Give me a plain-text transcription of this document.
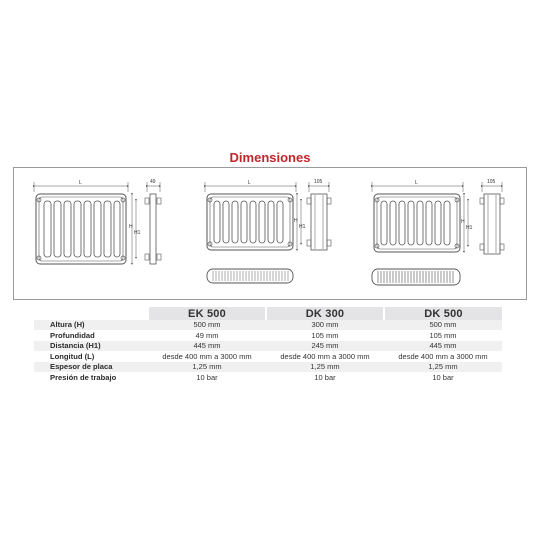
Dimensiones
L
H
H1
49	L
H
H1
105	L
H
H1
105
	EK 500	DK 300	DK 500
Altura (H)	500 mm	300 mm	500 mm
Profundidad	49 mm	105 mm	105 mm
Distancia (H1)	445 mm	245 mm	445 mm
Longitud (L)	desde 400 mm a 3000 mm	desde 400 mm a 3000 mm	desde 400 mm a 3000 mm
Espesor de placa	1,25 mm	1,25 mm	1,25 mm
Presión de trabajo	10 bar	10 bar	10 bar
